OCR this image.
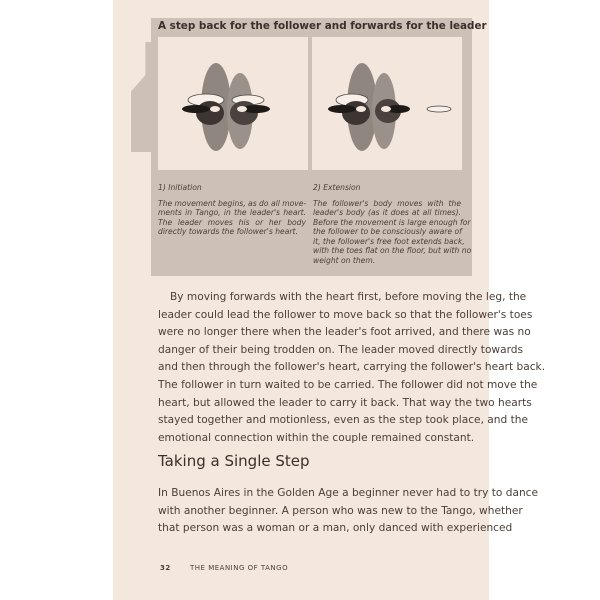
A step back for the follower and forwards for the leader
1) Initiation
The movement begins, as do all move-
ments in Tango, in the leader's heart.
The leader moves his or her body
directly towards the follower's heart.
2) Extension
The follower's body moves with the
leader's body (as it does at all times).
Before the movement is large enough for
the follower to be consciously aware of
it, the follower's free foot extends back,
with the toes flat on the floor, but with no
weight on them.
By moving forwards with the heart first, before moving the leg, the
leader could lead the follower to move back so that the follower's toes
were no longer there when the leader's foot arrived, and there was no
danger of their being trodden on. The leader moved directly towards
and then through the follower's heart, carrying the follower's heart back.
The follower in turn waited to be carried. The follower did not move the
heart, but allowed the leader to carry it back. That way the two hearts
stayed together and motionless, even as the step took place, and the
emotional connection within the couple remained constant.
Taking a Single Step
In Buenos Aires in the Golden Age a beginner never had to try to dance
with another beginner. A person who was new to the Tango, whether
that person was a woman or a man, only danced with experienced
32	THE MEANING OF TANGO
